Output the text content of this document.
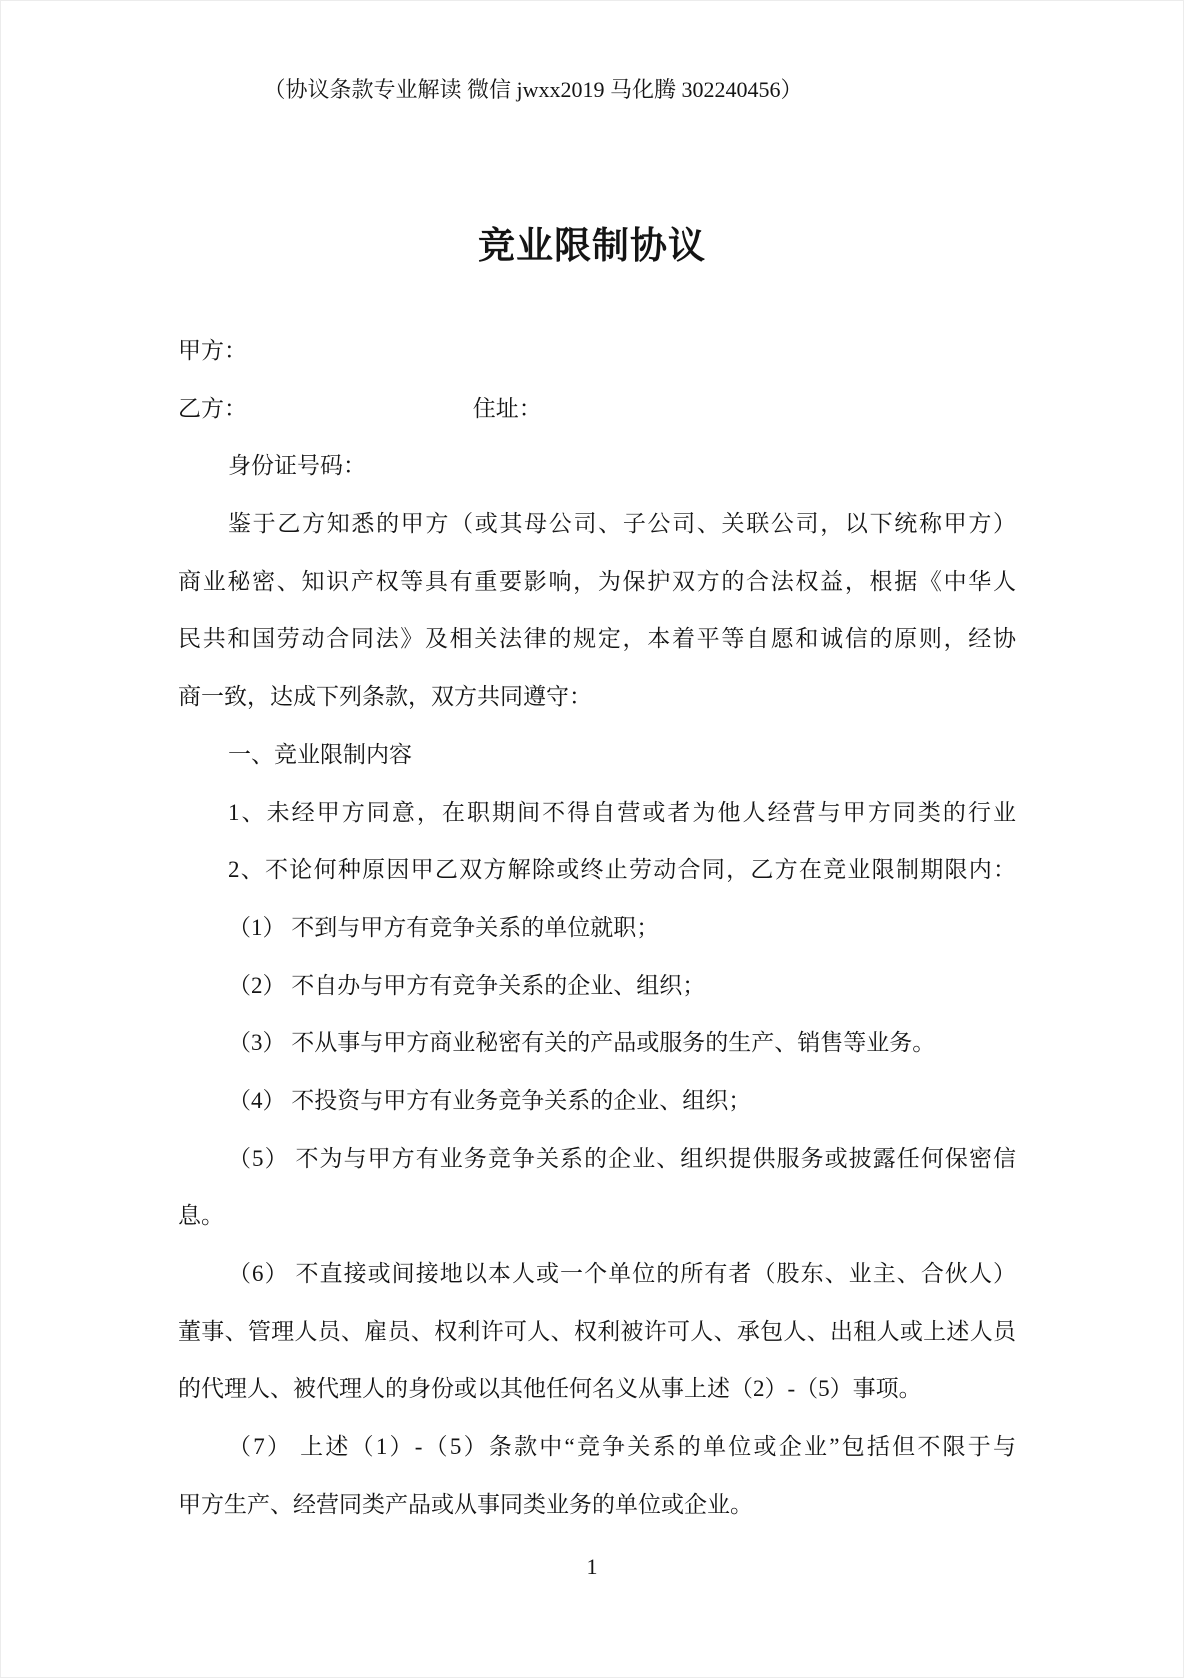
（协议条款专业解读 微信 jwxx2019 马化腾 302240456）
竞业限制协议
甲方：
乙方：	住址：
身份证号码：
鉴于乙方知悉的甲方（或其母公司、子公司、关联公司，以下统称甲方）
商业秘密、知识产权等具有重要影响，为保护双方的合法权益，根据《中华人
民共和国劳动合同法》及相关法律的规定，本着平等自愿和诚信的原则，经协
商一致，达成下列条款，双方共同遵守：
一、竞业限制内容
1、未经甲方同意，在职期间不得自营或者为他人经营与甲方同类的行业
2、不论何种原因甲乙双方解除或终止劳动合同，乙方在竞业限制期限内：
（1） 不到与甲方有竞争关系的单位就职；
（2） 不自办与甲方有竞争关系的企业、组织；
（3） 不从事与甲方商业秘密有关的产品或服务的生产、销售等业务。
（4） 不投资与甲方有业务竞争关系的企业、组织；
（5） 不为与甲方有业务竞争关系的企业、组织提供服务或披露任何保密信
息。
（6） 不直接或间接地以本人或一个单位的所有者（股东、业主、合伙人）
董事、管理人员、雇员、权利许可人、权利被许可人、承包人、出租人或上述人员
的代理人、被代理人的身份或以其他任何名义从事上述（2）-（5）事项。
（7） 上述（1）-（5）条款中“竞争关系的单位或企业”包括但不限于与
甲方生产、经营同类产品或从事同类业务的单位或企业。
1
